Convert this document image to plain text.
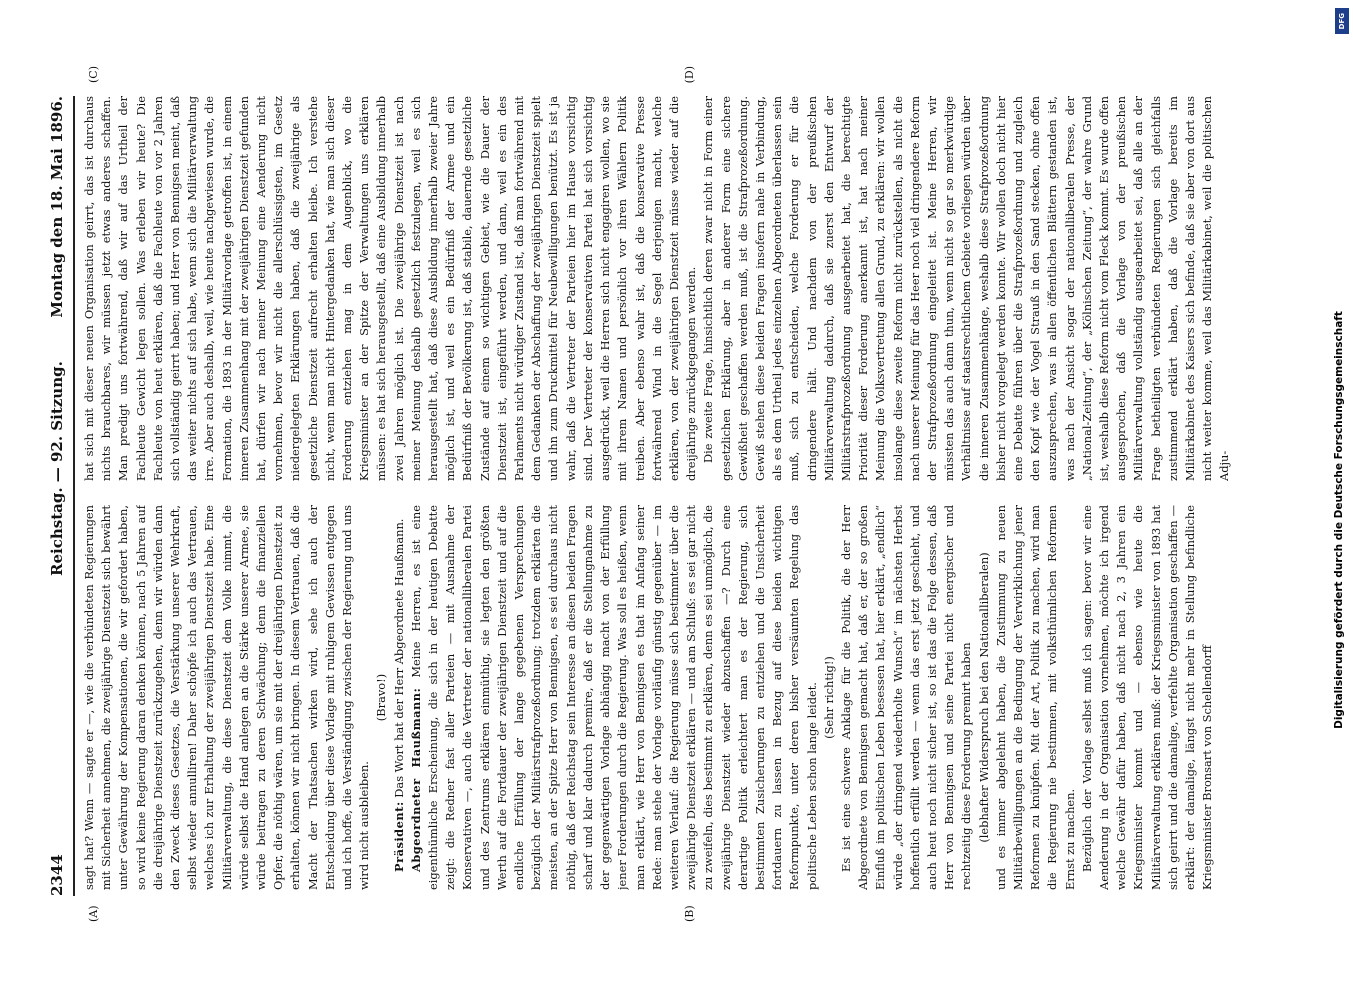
2344
Reichstag. — 92. Sitzung.
Montag den 18. Mai 1896.
(A)	(B)
(C)	(D)

sagt hat? Wenn — sagte er —, wie die verbündeten Regierungen mit Sicherheit annehmen, die zweijährige Dienstzeit sich bewährt unter Gewährung der Kompensationen, die wir gefordert haben, so wird keine Regierung daran denken können, nach 5 Jahren auf die dreijährige Dienstzeit zurückzugehen, denn wir würden dann den Zweck dieses Gesetzes, die Verstärkung unserer Wehrkraft, selbst wieder annulliren! Daher schöpfe ich auch das Vertrauen, welches ich zur Erhaltung der zweijährigen Dienstzeit habe. Eine Militärverwaltung, die diese Dienstzeit dem Volke nimmt, die würde selbst die Hand anlegen an die Stärke unserer Armee, sie würde beitragen zu deren Schwächung; denn die finanziellen Opfer, die nöthig wären, um sie mit der dreijährigen Dienstzeit zu erhalten, können wir nicht bringen. In diesem Vertrauen, daß die Macht der Thatsachen wirken wird, sehe ich auch der Entscheidung über diese Vorlage mit ruhigem Gewissen entgegen und ich hoffe, die Verständigung zwischen der Regierung und uns wird nicht ausbleiben.

(Bravo!)

Präsident: Das Wort hat der Herr Abgeordnete Haußmann. Abgeordneter Haußmann: Meine Herren, es ist eine eigenthümliche Erscheinung, die sich in der heutigen Debatte zeigt: die Redner fast aller Parteien — mit Ausnahme der Konservativen —, auch die Vertreter der nationalliberalen Partei und des Zentrums erklären einmüthig, sie legten den größten Werth auf die Fortdauer der zweijährigen Dienstzeit und auf die endliche Erfüllung der lange gegebenen Versprechungen bezüglich der Militärstrafprozeßordnung; trotzdem erklärten die meisten, an der Spitze Herr von Bennigsen, es sei durchaus nicht nöthig, daß der Reichstag sein Interesse an diesen beiden Fragen scharf und klar dadurch premire, daß er die Stellungnahme zu der gegenwärtigen Vorlage abhängig macht von der Erfüllung jener Forderungen durch die Regierung. Was soll es heißen, wenn man erklärt, wie Herr von Bennigsen es that im Anfang seiner Rede: man stehe der Vorlage vorläufig günstig gegenüber — im weiteren Verlauf: die Regierung müsse sich bestimmter über die zweijährige Dienstzeit erklären — und am Schluß: es sei gar nicht zu zweifeln, dies bestimmt zu erklären, denn es sei unmöglich, die zweijährige Dienstzeit wieder abzuschaffen —? Durch eine derartige Politik erleichtert man es der Regierung, sich bestimmten Zusicherungen zu entziehen und die Unsicherheit fortdauern zu lassen in Bezug auf diese beiden wichtigen Reformpunkte, unter deren bisher versäumten Regelung das politische Leben schon lange leidet. (Sehr richtig!) Es ist eine schwere Anklage für die Politik, die der Herr Abgeordnete von Bennigsen gemacht hat, daß er, der so großen Einfluß im politischen Leben besessen hat, hier erklärt, „endlich“ würde „der dringend wiederholte Wunsch“ im nächsten Herbst hoffentlich erfüllt werden — wenn das erst jetzt geschieht, und auch heut noch nicht sicher ist, so ist das die Folge dessen, daß Herr von Bennigsen und seine Partei nicht energischer und rechtzeitig diese Forderung premirt haben (lebhafter Widerspruch bei den Nationalliberalen) und es immer abgelehnt haben, die Zustimmung zu neuen Militärbewilligungen an die Bedingung der Verwirklichung jener Reformen zu knüpfen. Mit der Art, Politik zu machen, wird man die Regierung nie bestimmen, mit volksthümlichen Reformen Ernst zu machen. Bezüglich der Vorlage selbst muß ich sagen: bevor wir eine Aenderung in der Organisation vornehmen, möchte ich irgend welche Gewähr dafür haben, daß nicht nach 2, 3 Jahren ein Kriegsminister kommt und — ebenso wie heute die Militärverwaltung erklären muß: der Kriegsminister von 1893 hat sich geirrt und die damalige, verfehlte Organisation geschaffen — erklärt: der damalige, längst nicht mehr in Stellung befindliche Kriegsminister Bronsart von Schellendorff

hat sich mit dieser neuen Organisation geirrt, das ist durchaus nichts brauchbares, wir müssen jetzt etwas anderes schaffen. Man predigt uns fortwährend, daß wir auf das Urtheil der Fachleute Gewicht legen sollen. Was erleben wir heute? Die Fachleute von heut erklären, daß die Fachleute von vor 2 Jahren sich vollständig geirrt haben; und Herr von Bennigsen meint, daß das weiter nichts auf sich habe, wenn sich die Militärverwaltung irre. Aber auch deshalb, weil, wie heute nachgewiesen wurde, die Formation, die 1893 in der Militärvorlage getroffen ist, in einem inneren Zusammenhang mit der zweijährigen Dienstzeit gefunden hat, dürfen wir nach meiner Meinung eine Aenderung nicht vornehmen, bevor wir nicht die allerschlüssigsten, im Gesetz niedergelegten Erklärungen haben, daß die zweijährige als gesetzliche Dienstzeit aufrecht erhalten bleibe. Ich verstehe nicht, wenn man nicht Hintergedanken hat, wie man sich dieser Forderung entziehen mag in dem Augenblick, wo die Kriegsminister an der Spitze der Verwaltungen uns erklären müssen: es hat sich herausgestellt, daß eine Ausbildung innerhalb zwei Jahren möglich ist. Die zweijährige Dienstzeit ist nach meiner Meinung deshalb gesetzlich festzulegen, weil es sich herausgestellt hat, daß diese Ausbildung innerhalb zweier Jahre möglich ist, und weil es ein Bedürfniß der Armee und ein Bedürfniß der Bevölkerung ist, daß stabile, dauernde gesetzliche Zustände auf einem so wichtigen Gebiet, wie die Dauer der Dienstzeit ist, eingeführt werden, und dann, weil es ein des Parlaments nicht würdiger Zustand ist, daß man fortwährend mit dem Gedanken der Abschaffung der zweijährigen Dienstzeit spielt und ihn zum Druckmittel für Neubewilligungen benützt. Es ist ja wahr, daß die Vertreter der Parteien hier im Hause vorsichtig sind. Der Vertreter der konservativen Partei hat sich vorsichtig ausgedrückt, weil die Herren sich nicht engagiren wollen, wo sie mit ihrem Namen und persönlich vor ihren Wählern Politik treiben. Aber ebenso wahr ist, daß die konservative Presse fortwährend Wind in die Segel derjenigen macht, welche erklären, von der zweijährigen Dienstzeit müsse wieder auf die dreijährige zurückgegangen werden. Die zweite Frage, hinsichtlich deren zwar nicht in Form einer gesetzlichen Erklärung, aber in anderer Form eine sichere Gewißheit geschaffen werden muß, ist die Strafprozeßordnung. Gewiß stehen diese beiden Fragen insofern nahe in Verbindung, als es dem Urtheil jedes einzelnen Abgeordneten überlassen sein muß, sich zu entscheiden, welche Forderung er für die dringendere hält. Und nachdem von der preußischen Militärverwaltung dadurch, daß sie zuerst den Entwurf der Militärstrafprozeßordnung ausgearbeitet hat, die berechtigte Priorität dieser Forderung anerkannt ist, hat nach meiner Meinung die Volksvertretung allen Grund, zu erklären: wir wollen insolange diese zweite Reform nicht zurückstellen, als nicht die nach unserer Meinung für das Heer noch viel dringendere Reform der Strafprozeßordnung eingeleitet ist. Meine Herren, wir müssten das auch dann thun, wenn nicht so gar so merkwürdige Verhältnisse auf staatsrechtlichem Gebiete vorliegen würden über die inneren Zusammenhänge, weshalb diese Strafprozeßordnung bisher nicht vorgelegt werden konnte. Wir wollen doch nicht hier eine Debatte führen über die Strafprozeßordnung und zugleich den Kopf wie der Vogel Strauß in den Sand stecken, ohne offen auszusprechen, was in allen öffentlichen Blättern gestanden ist, was nach der Ansicht sogar der nationalliberalen Presse, der „National-Zeitung“, der „Kölnischen Zeitung“, der wahre Grund ist, weshalb diese Reform nicht vom Fleck kommt. Es wurde offen ausgesprochen, daß die Vorlage von der preußischen Militärverwaltung vollständig ausgearbeitet sei, daß alle an der Frage betheiligten verbündeten Regierungen sich gleichfalls zustimmend erklärt haben, daß die Vorlage bereits im Militärkabinet des Kaisers sich befinde, daß sie aber von dort aus nicht weiter komme, weil das Militärkabinet, weil die politischen Adju-

DFG
Digitalisierung gefördert durch die Deutsche Forschungsgemeinschaft
